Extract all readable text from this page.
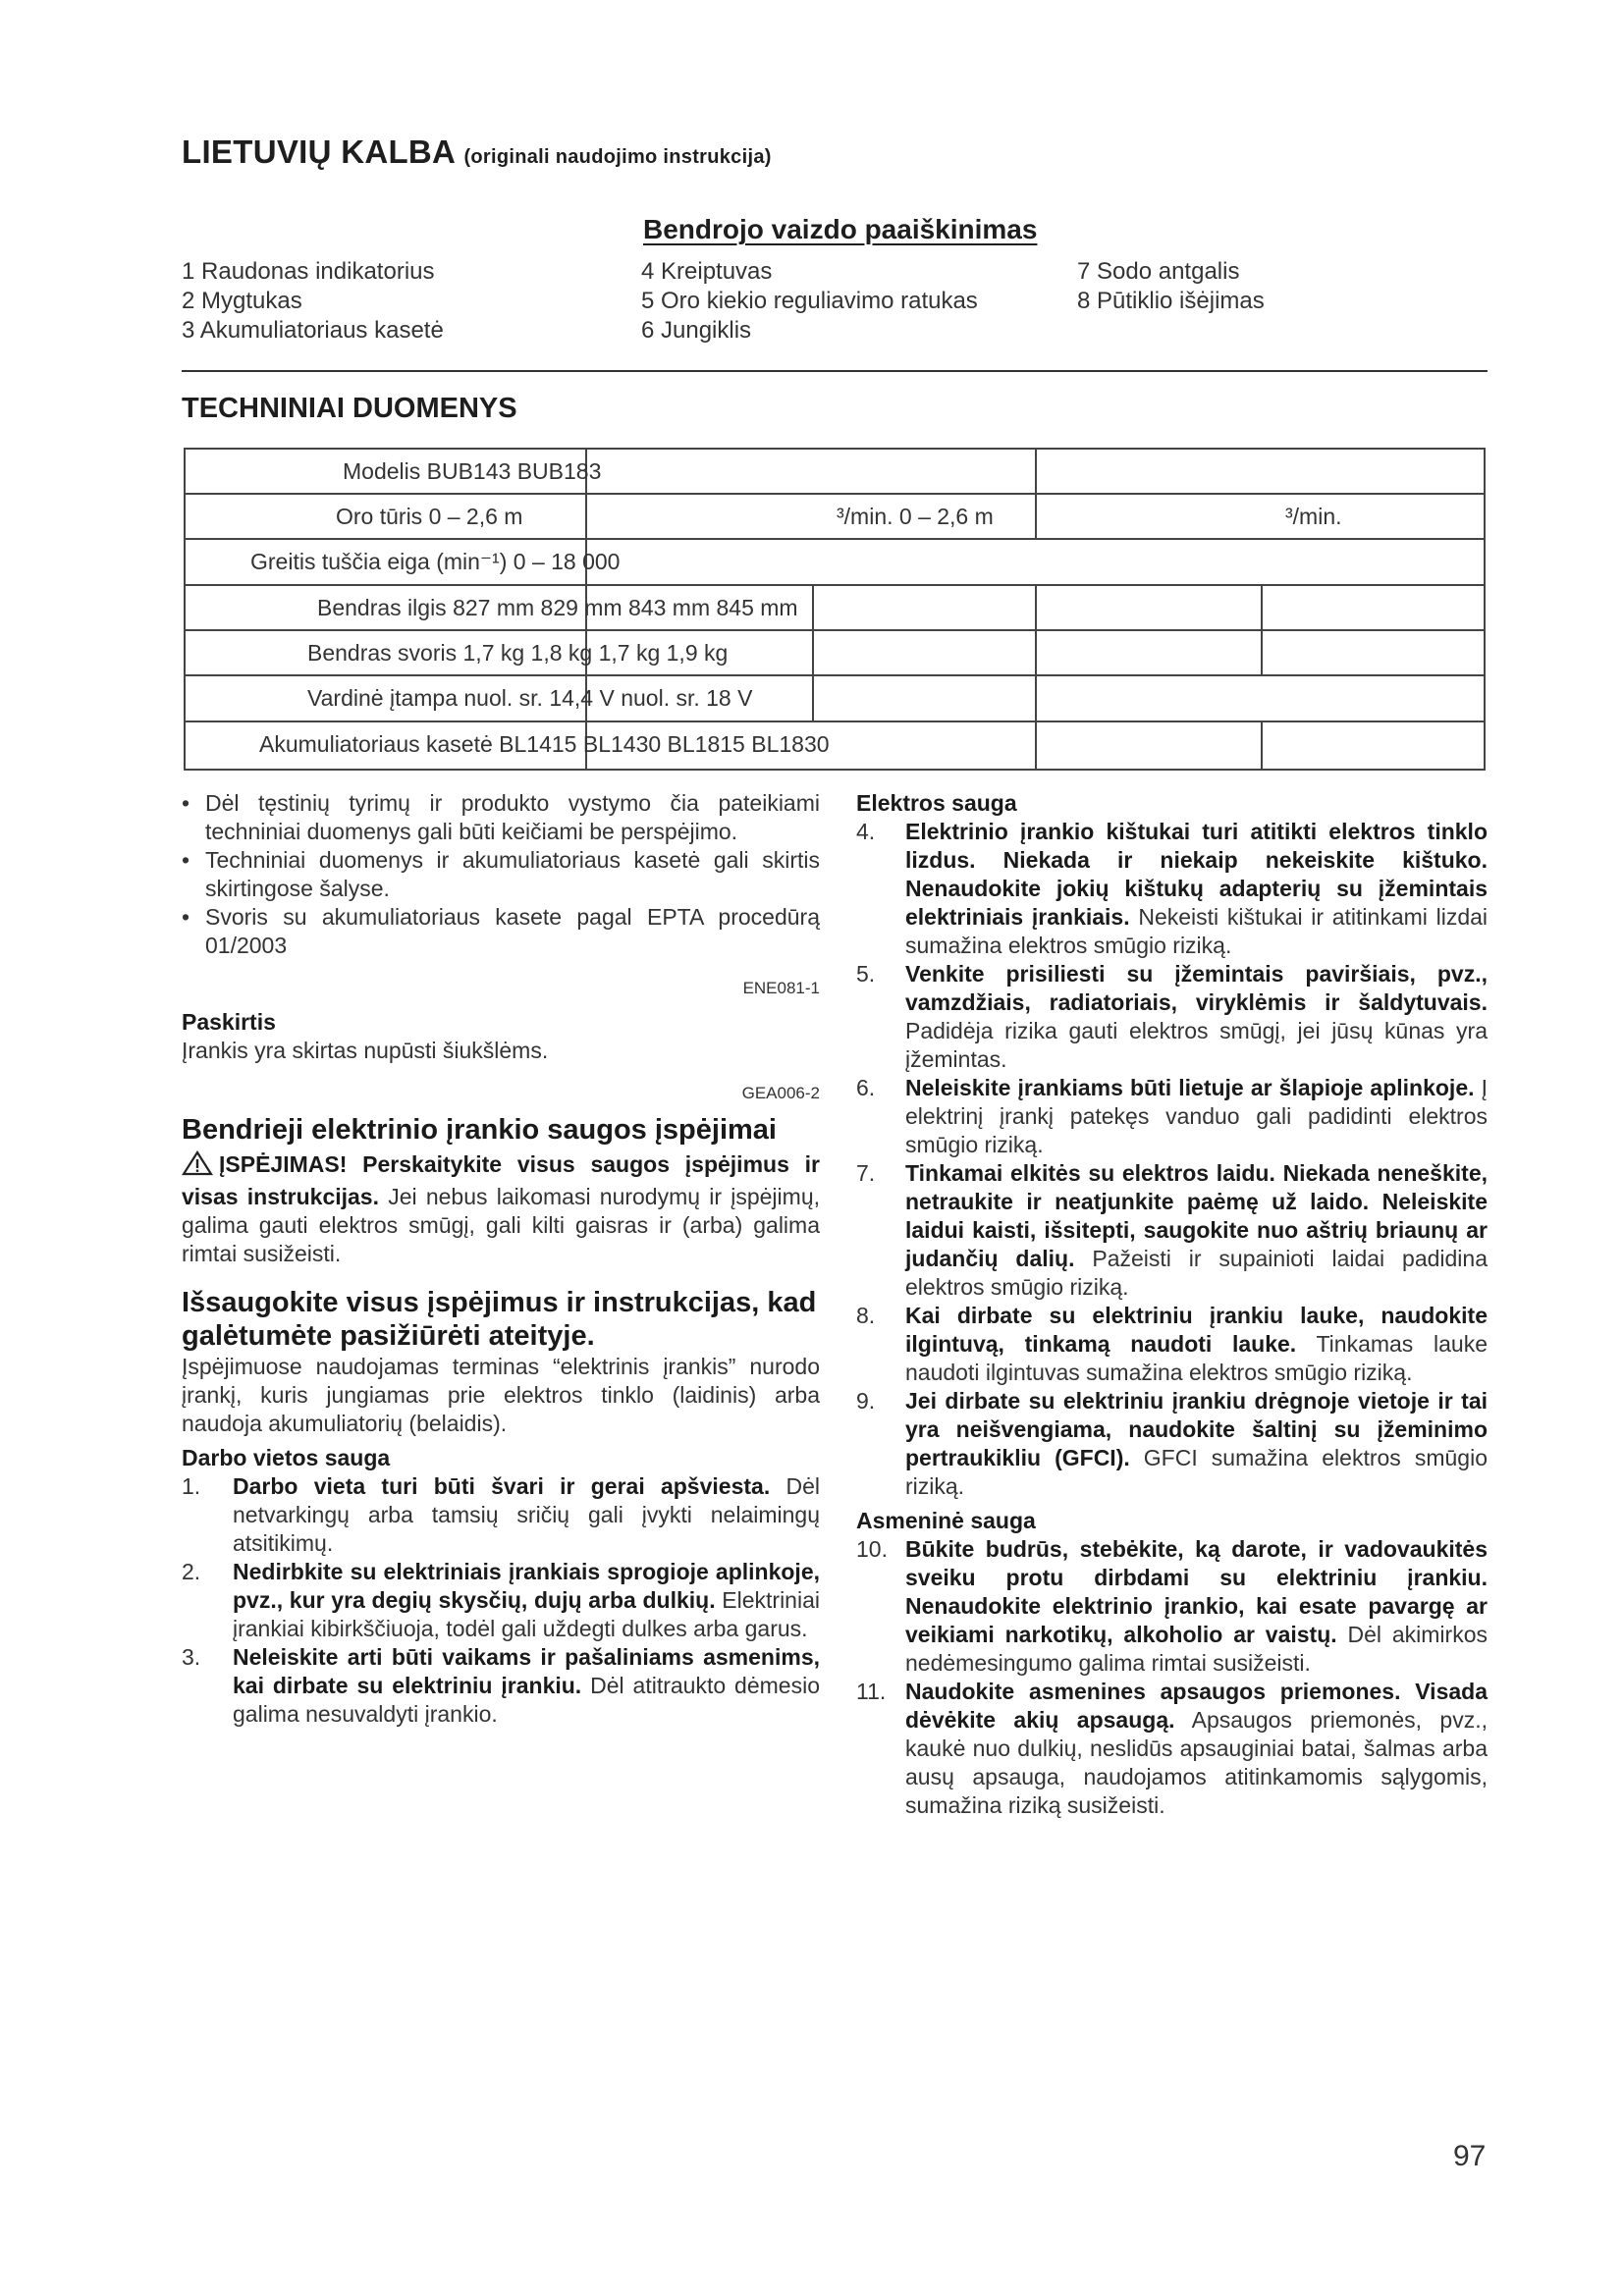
LIETUVIŲ KALBA (originali naudojimo instrukcija)
Bendrojo vaizdo paaiškinimas
1 Raudonas indikatorius
2 Mygtukas
3 Akumuliatoriaus kasetė
4 Kreiptuvas
5 Oro kiekio reguliavimo ratukas
6 Jungiklis
7 Sodo antgalis
8 Pūtiklio išėjimas
TECHNINIAI DUOMENYS
Modelis BUB143 BUB183
Oro tūris 0 – 2,6 m	³/min. 0 – 2,6 m	³/min.
Greitis tuščia eiga (min⁻¹) 0 – 18 000
Bendras ilgis 827 mm 829 mm 843 mm 845 mm
Bendras svoris 1,7 kg 1,8 kg 1,7 kg 1,9 kg
Vardinė įtampa nuol. sr. 14,4 V nuol. sr. 18 V
Akumuliatoriaus kasetė BL1415 BL1430 BL1815 BL1830
• Dėl tęstinių tyrimų ir produkto vystymo čia pateikiami techniniai duomenys gali būti keičiami be perspėjimo.
• Techniniai duomenys ir akumuliatoriaus kasetė gali skirtis skirtingose šalyse.
• Svoris su akumuliatoriaus kasete pagal EPTA procedūrą 01/2003
ENE081-1
Paskirtis
Įrankis yra skirtas nupūsti šiukšlėms.
GEA006-2
Bendrieji elektrinio įrankio saugos įspėjimai
ĮSPĖJIMAS! Perskaitykite visus saugos įspėjimus ir visas instrukcijas. Jei nebus laikomasi nurodymų ir įspėjimų, galima gauti elektros smūgį, gali kilti gaisras ir (arba) galima rimtai susižeisti.
Išsaugokite visus įspėjimus ir instrukcijas, kad galėtumėte pasižiūrėti ateityje.
Įspėjimuose naudojamas terminas “elektrinis įrankis” nurodo įrankį, kuris jungiamas prie elektros tinklo (laidinis) arba naudoja akumuliatorių (belaidis).
Darbo vietos sauga
1. Darbo vieta turi būti švari ir gerai apšviesta. Dėl netvarkingų arba tamsių sričių gali įvykti nelaimingų atsitikimų.
2. Nedirbkite su elektriniais įrankiais sprogioje aplinkoje, pvz., kur yra degių skysčių, dujų arba dulkių. Elektriniai įrankiai kibirkščiuoja, todėl gali uždegti dulkes arba garus.
3. Neleiskite arti būti vaikams ir pašaliniams asmenims, kai dirbate su elektriniu įrankiu. Dėl atitraukto dėmesio galima nesuvaldyti įrankio.
Elektros sauga
4. Elektrinio įrankio kištukai turi atitikti elektros tinklo lizdus. Niekada ir niekaip nekeiskite kištuko. Nenaudokite jokių kištukų adapterių su įžemintais elektriniais įrankiais. Nekeisti kištukai ir atitinkami lizdai sumažina elektros smūgio riziką.
5. Venkite prisiliesti su įžemintais paviršiais, pvz., vamzdžiais, radiatoriais, viryklėmis ir šaldytuvais. Padidėja rizika gauti elektros smūgį, jei jūsų kūnas yra įžemintas.
6. Neleiskite įrankiams būti lietuje ar šlapioje aplinkoje. Į elektrinį įrankį patekęs vanduo gali padidinti elektros smūgio riziką.
7. Tinkamai elkitės su elektros laidu. Niekada neneškite, netraukite ir neatjunkite paėmę už laido. Neleiskite laidui kaisti, išsitepti, saugokite nuo aštrių briaunų ar judančių dalių. Pažeisti ir supainioti laidai padidina elektros smūgio riziką.
8. Kai dirbate su elektriniu įrankiu lauke, naudokite ilgintuvą, tinkamą naudoti lauke. Tinkamas lauke naudoti ilgintuvas sumažina elektros smūgio riziką.
9. Jei dirbate su elektriniu įrankiu drėgnoje vietoje ir tai yra neišvengiama, naudokite šaltinį su įžeminimo pertraukikliu (GFCI). GFCI sumažina elektros smūgio riziką.
Asmeninė sauga
10. Būkite budrūs, stebėkite, ką darote, ir vadovaukitės sveiku protu dirbdami su elektriniu įrankiu. Nenaudokite elektrinio įrankio, kai esate pavargę ar veikiami narkotikų, alkoholio ar vaistų. Dėl akimirkos nedėmesingumo galima rimtai susižeisti.
11. Naudokite asmenines apsaugos priemones. Visada dėvėkite akių apsaugą. Apsaugos priemonės, pvz., kaukė nuo dulkių, neslidūs apsauginiai batai, šalmas arba ausų apsauga, naudojamos atitinkamomis sąlygomis, sumažina riziką susižeisti.
97
